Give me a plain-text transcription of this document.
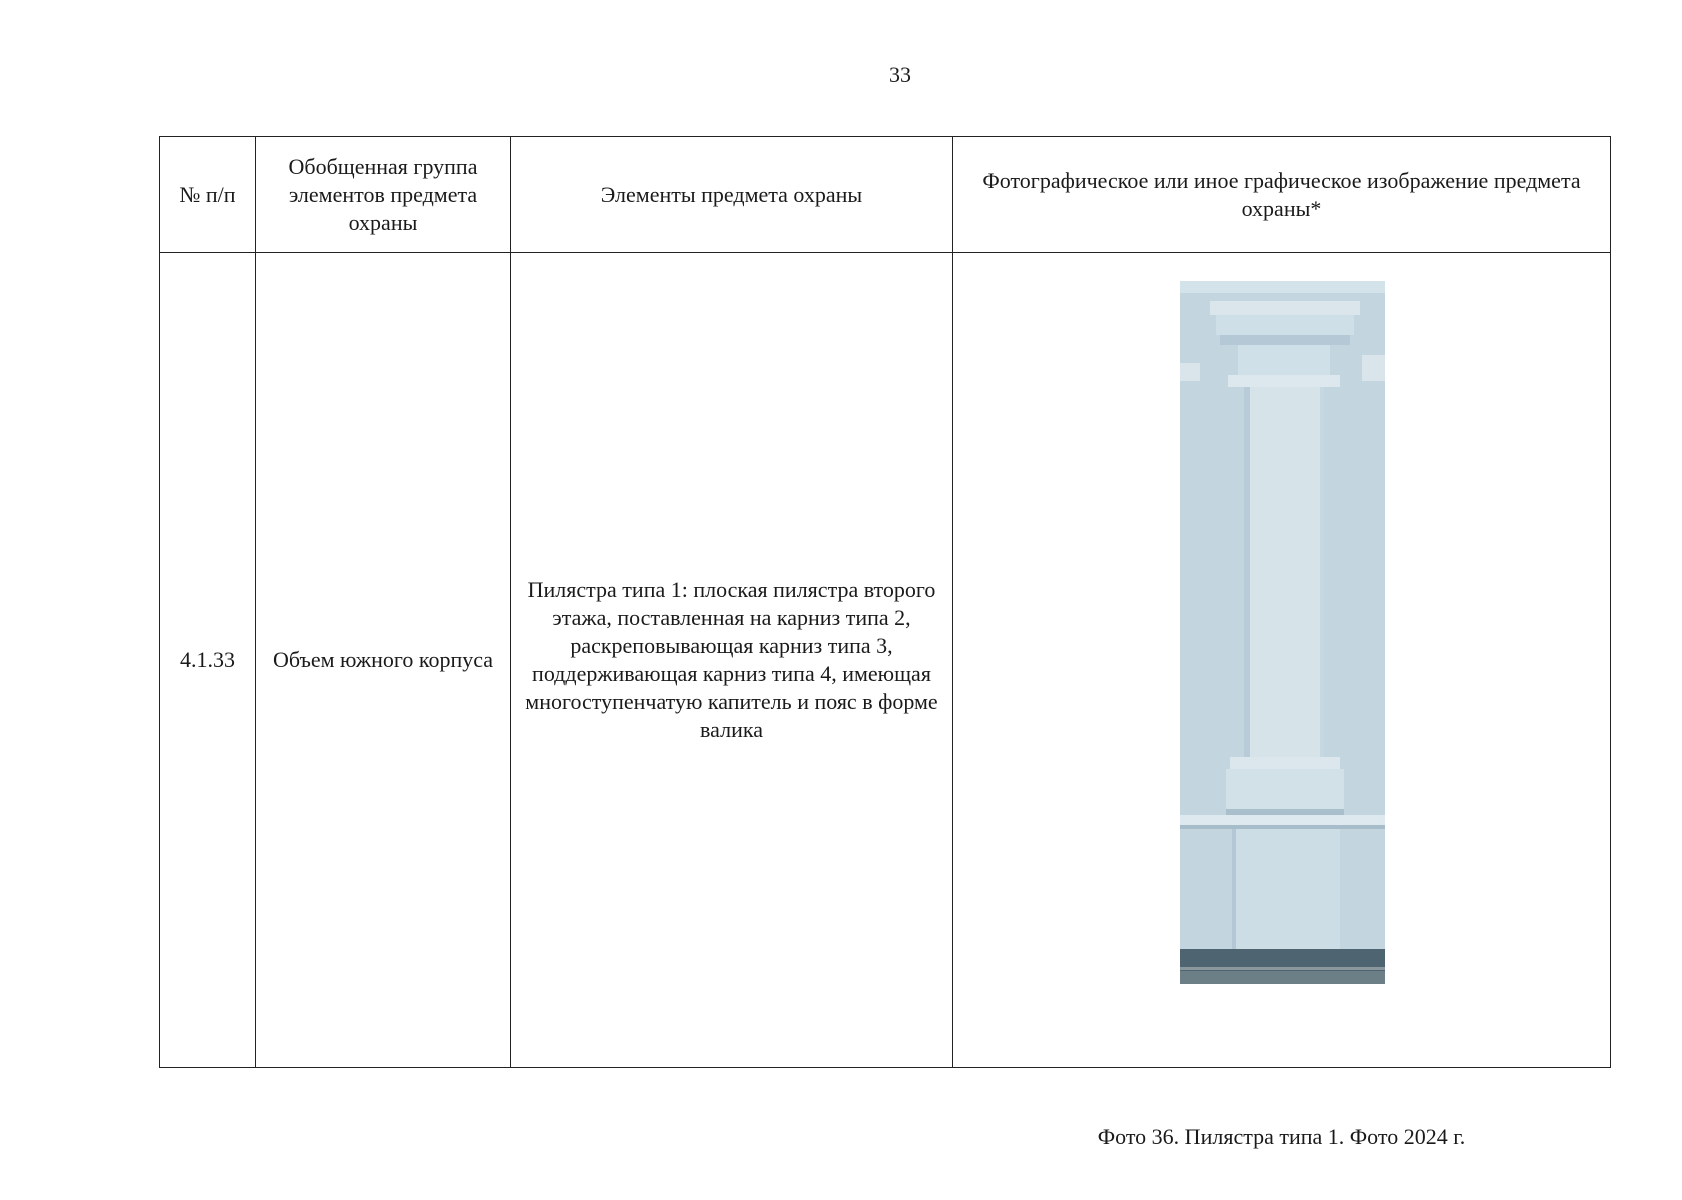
33
№ п/п	Обобщенная группа элементов предмета охраны	Элементы предмета охраны	Фотографическое или иное графическое изображение предмета охраны*
4.1.33	Объем южного корпуса	Пилястра типа 1: плоская пилястра второго этажа, поставленная на карниз типа 2, раскреповывающая карниз типа 3, поддерживающая карниз типа 4, имеющая многоступенчатую капитель и пояс в форме валика	Фото 36. Пилястра типа 1. Фото 2024 г.
